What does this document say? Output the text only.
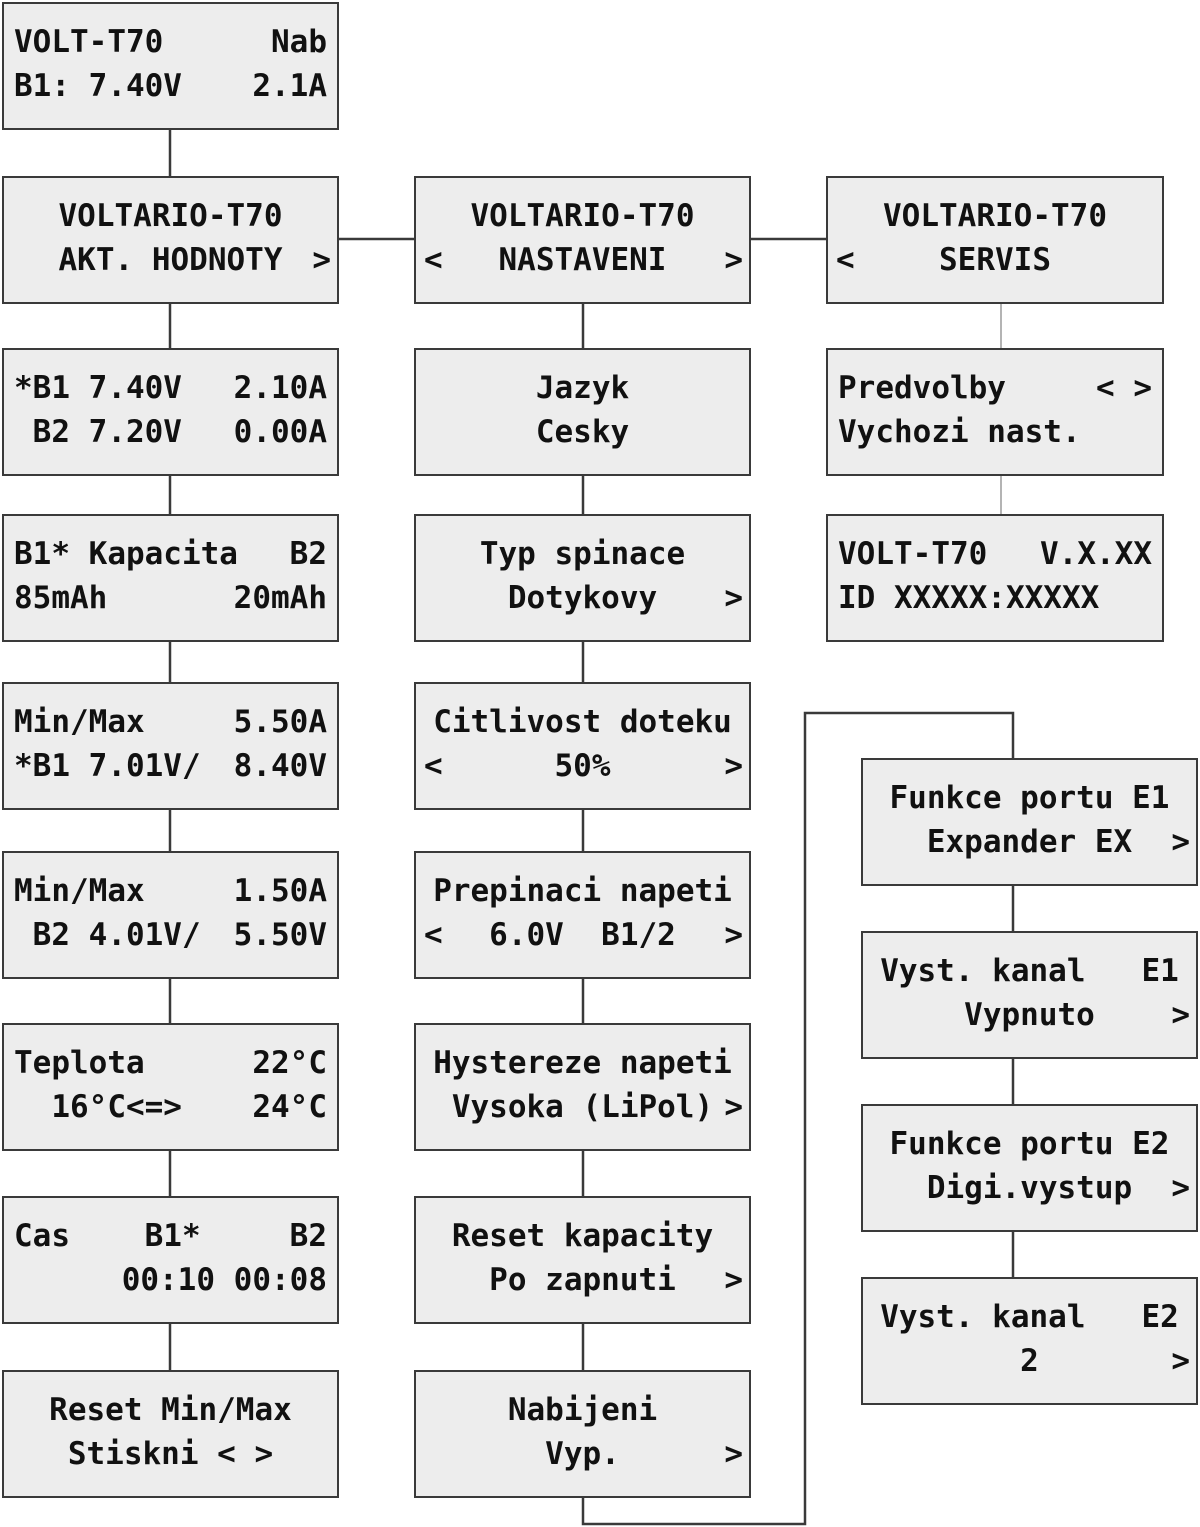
VOLT-T70	Nab
B1: 7.40V 2.1A
VOLTARIO-T70
AKT. HODNOTY >
VOLTARIO-T70
NASTAVENI
<	>
VOLTARIO-T70
SERVIS
<
*B1 7.40V 2.10A
B2 7.20V 0.00A
B1* Kapacita B2
85mAh	20mAh
Min/Max	5.50A
*B1 7.01V/ 8.40V
Min/Max	1.50A
B2 4.01V/ 5.50V
Teplota	22°C
16°C<=> 24°C
Cas    B1*	B2
00:10 00:08
Reset Min/Max
Stiskni < >
Jazyk
Cesky
Typ spinace
Dotykovy	>
Citlivost doteku
50%
<	>
Prepinaci napeti
6.0V  B1/2
<	>
Hystereze napeti
Vysoka (LiPol) >
Reset kapacity
Po zapnuti	>
Nabijeni
Vyp.	>
Predvolby	< >
Vychozi nast.
VOLT-T70 V.X.XX
ID XXXXX:XXXXX
Funkce portu E1
Expander EX	>
Vyst. kanal   E1
Vypnuto	>
Funkce portu E2
Digi.vystup	>
Vyst. kanal   E2
2	>
